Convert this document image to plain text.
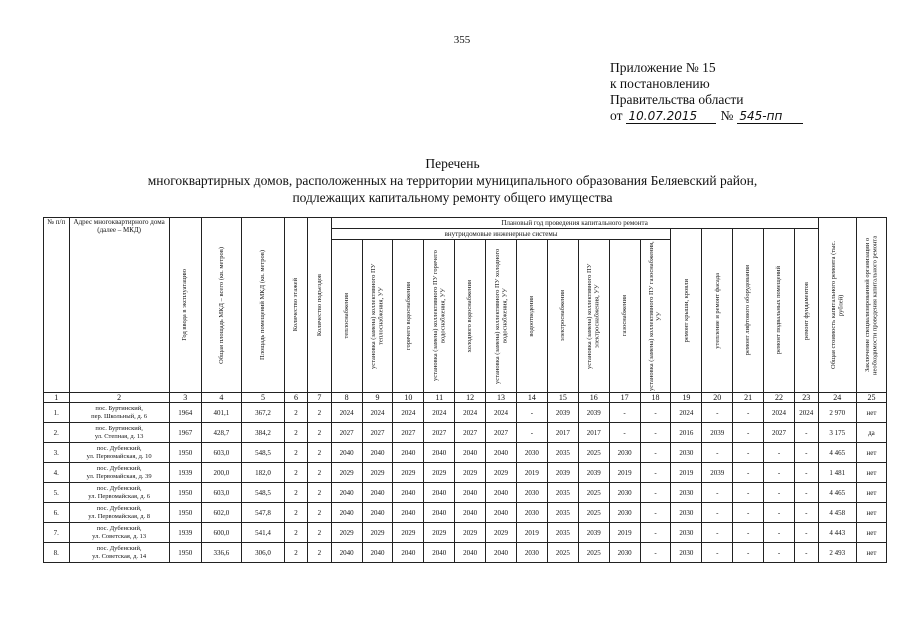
355
Приложение № 15
к постановлению
Правительства области
от 10.07.2015	№ 545-пп
Перечень
многоквартирных домов, расположенных на территории муниципального образования Беляевский район,
подлежащих капитальному ремонту общего имущества
№ п/п	Адрес многоквартирного дома (далее – МКД)	Год ввода в эксплуатацию	Общая площадь МКД – всего (кв. метров)	Площадь помещений МКД (кв. метров)	Количество этажей	Количество подъездов	Плановый год проведения капитального ремонта																Общая стоимость капитального ремонта (тыс. рублей)	Заключение специализированной организации о необходимости проведения капитального ремонта

							внутридомовые инженерные системы											ремонт крыши, кровли	утепление и ремонт фасада	ремонт лифтового оборудования	ремонт подвальных помещений	ремонт фундаментов		

							теплоснабжения	установка (замена) коллективного ПУ теплоснабжения, УУ	горячего водоснабжения	установка (замена) коллективного ПУ горячего водоснабжения, УУ	холодного водоснабжения	установка (замена) коллективного ПУ холодного водоснабжения, УУ	водоотведения	электроснабжения	установка (замена) коллективного ПУ электроснабжения, УУ	газоснабжения	установка (замена) коллективного ПУ газоснабжения, УУ							

1	2	3	4	5	6	7	8	9	10	11	12	13	14	15	16	17	18	19	20	21	22	23	24	25
1.	пос. Буртинский,
пер. Школьный, д. 6	1964	401,1	367,2	2	2	2024	2024	2024	2024	2024	2024	-	2039	2039	-	-	2024	-	-	2024	2024	2 970	нет
2.	пос. Буртинский,
ул. Степная, д. 13	1967	428,7	384,2	2	2	2027	2027	2027	2027	2027	2027	-	2017	2017	-	-	2016	2039	-	2027	-	3 175	да
3.	пос. Дубенский,
ул. Первомайская, д. 10	1950	603,0	548,5	2	2	2040	2040	2040	2040	2040	2040	2030	2035	2025	2030	-	2030	-	-	-	-	4 465	нет
4.	пос. Дубенский,
ул. Первомайская, д. 39	1939	200,0	182,0	2	2	2029	2029	2029	2029	2029	2029	2019	2039	2039	2019	-	2019	2039	-	-	-	1 481	нет
5.	пос. Дубенский,
ул. Первомайская, д. 6	1950	603,0	548,5	2	2	2040	2040	2040	2040	2040	2040	2030	2035	2025	2030	-	2030	-	-	-	-	4 465	нет
6.	пос. Дубенский,
ул. Первомайская, д. 8	1950	602,0	547,8	2	2	2040	2040	2040	2040	2040	2040	2030	2035	2025	2030	-	2030	-	-	-	-	4 458	нет
7.	пос. Дубенский,
ул. Советская, д. 13	1939	600,0	541,4	2	2	2029	2029	2029	2029	2029	2029	2019	2035	2039	2019	-	2030	-	-	-	-	4 443	нет
8.	пос. Дубенский,
ул. Советская, д. 14	1950	336,6	306,0	2	2	2040	2040	2040	2040	2040	2040	2030	2025	2025	2030	-	2030	-	-	-	-	2 493	нет
